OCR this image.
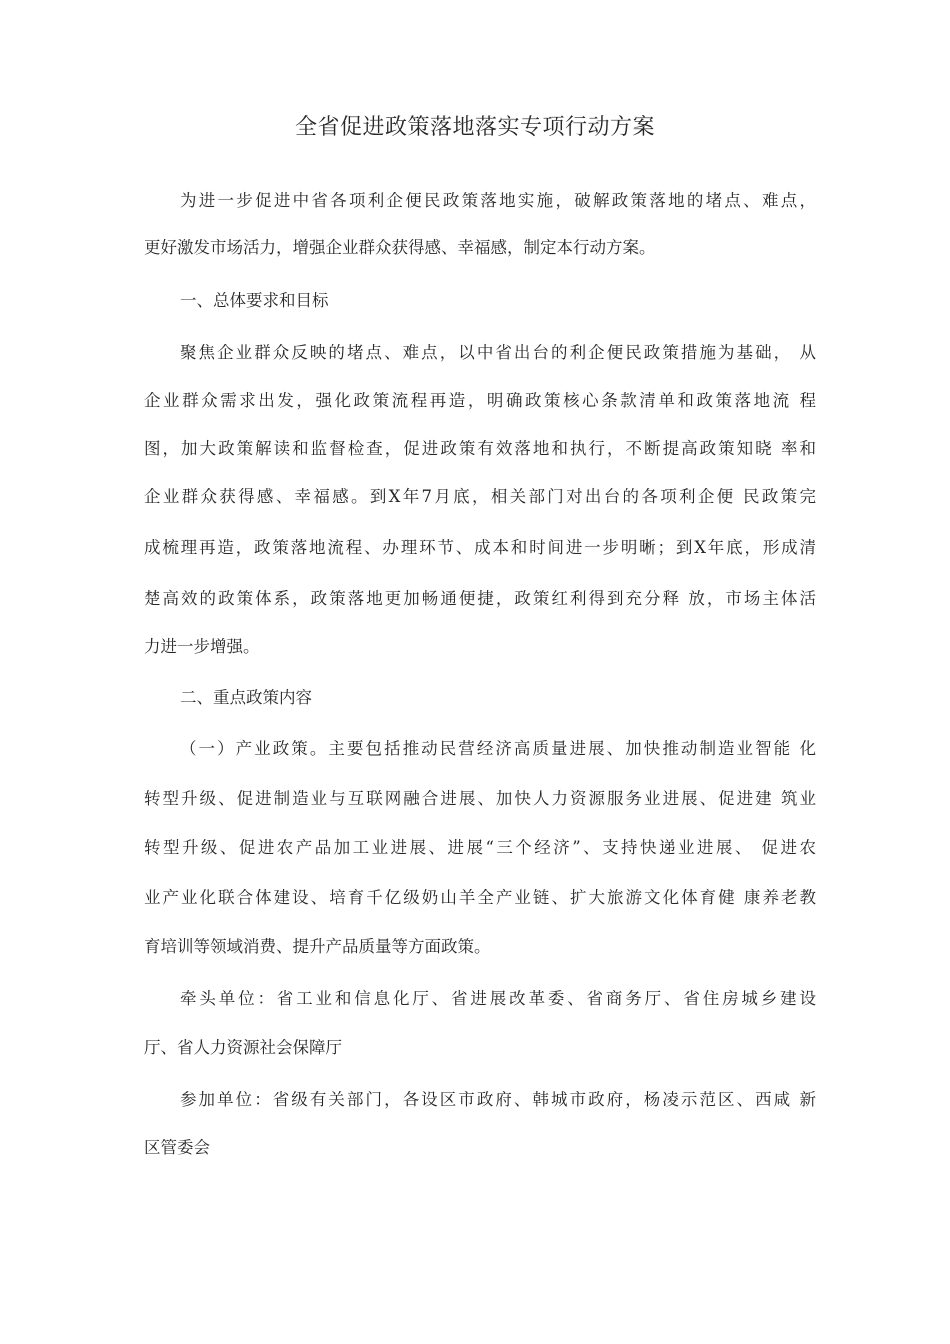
全省促进政策落地落实专项行动方案
为进一步促进中省各项利企便民政策落地实施，破解政策落地的堵点、难点，
更好激发市场活力，增强企业群众获得感、幸福感，制定本行动方案。
一、总体要求和目标
聚焦企业群众反映的堵点、难点，以中省出台的利企便民政策措施为基础， 从
企业群众需求出发，强化政策流程再造，明确政策核心条款清单和政策落地流 程
图，加大政策解读和监督检查，促进政策有效落地和执行，不断提高政策知晓 率和
企业群众获得感、幸福感。到X年7月底，相关部门对出台的各项利企便 民政策完
成梳理再造，政策落地流程、办理环节、成本和时间进一步明晰；到X年底，形成清
楚高效的政策体系，政策落地更加畅通便捷，政策红利得到充分释 放，市场主体活
力进一步增强。
二、重点政策内容
（一）产业政策。主要包括推动民营经济高质量进展、加快推动制造业智能 化
转型升级、促进制造业与互联网融合进展、加快人力资源服务业进展、促进建 筑业
转型升级、促进农产品加工业进展、进展“三个经济”、支持快递业进展、 促进农
业产业化联合体建设、培育千亿级奶山羊全产业链、扩大旅游文化体育健 康养老教
育培训等领域消费、提升产品质量等方面政策。
牵头单位：省工业和信息化厅、省进展改革委、省商务厅、省住房城乡建设
厅、省人力资源社会保障厅
参加单位：省级有关部门，各设区市政府、韩城市政府，杨凌示范区、西咸 新
区管委会
